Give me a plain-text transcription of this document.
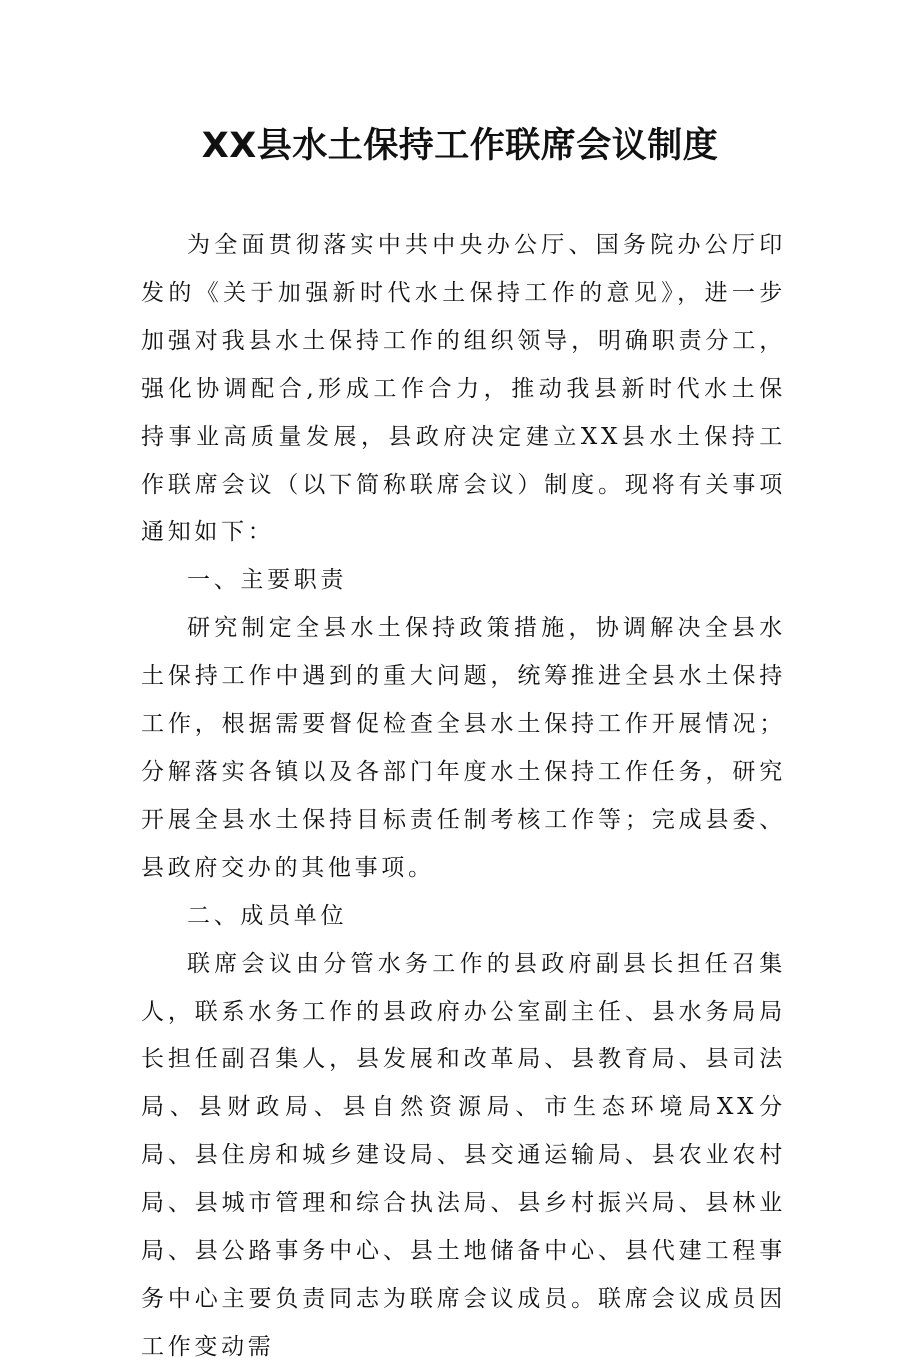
XX县水土保持工作联席会议制度

为全面贯彻落实中共中央办公厅、国务院办公厅印发的《关于加强新时代水土保持工作的意见》，进一步加强对我县水土保持工作的组织领导，明确职责分工，强化协调配合,形成工作合力，推动我县新时代水土保持事业高质量发展，县政府决定建立XX县水土保持工作联席会议（以下简称联席会议）制度。现将有关事项通知如下：

一、主要职责

研究制定全县水土保持政策措施，协调解决全县水土保持工作中遇到的重大问题，统筹推进全县水土保持工作，根据需要督促检查全县水土保持工作开展情况；分解落实各镇以及各部门年度水土保持工作任务，研究开展全县水土保持目标责任制考核工作等；完成县委、县政府交办的其他事项。

二、成员单位

联席会议由分管水务工作的县政府副县长担任召集人，联系水务工作的县政府办公室副主任、县水务局局长担任副召集人，县发展和改革局、县教育局、县司法局、县财政局、县自然资源局、市生态环境局XX分局、县住房和城乡建设局、县交通运输局、县农业农村局、县城市管理和综合执法局、县乡村振兴局、县林业局、县公路事务中心、县土地储备中心、县代建工程事务中心主要负责同志为联席会议成员。联席会议成员因工作变动需
